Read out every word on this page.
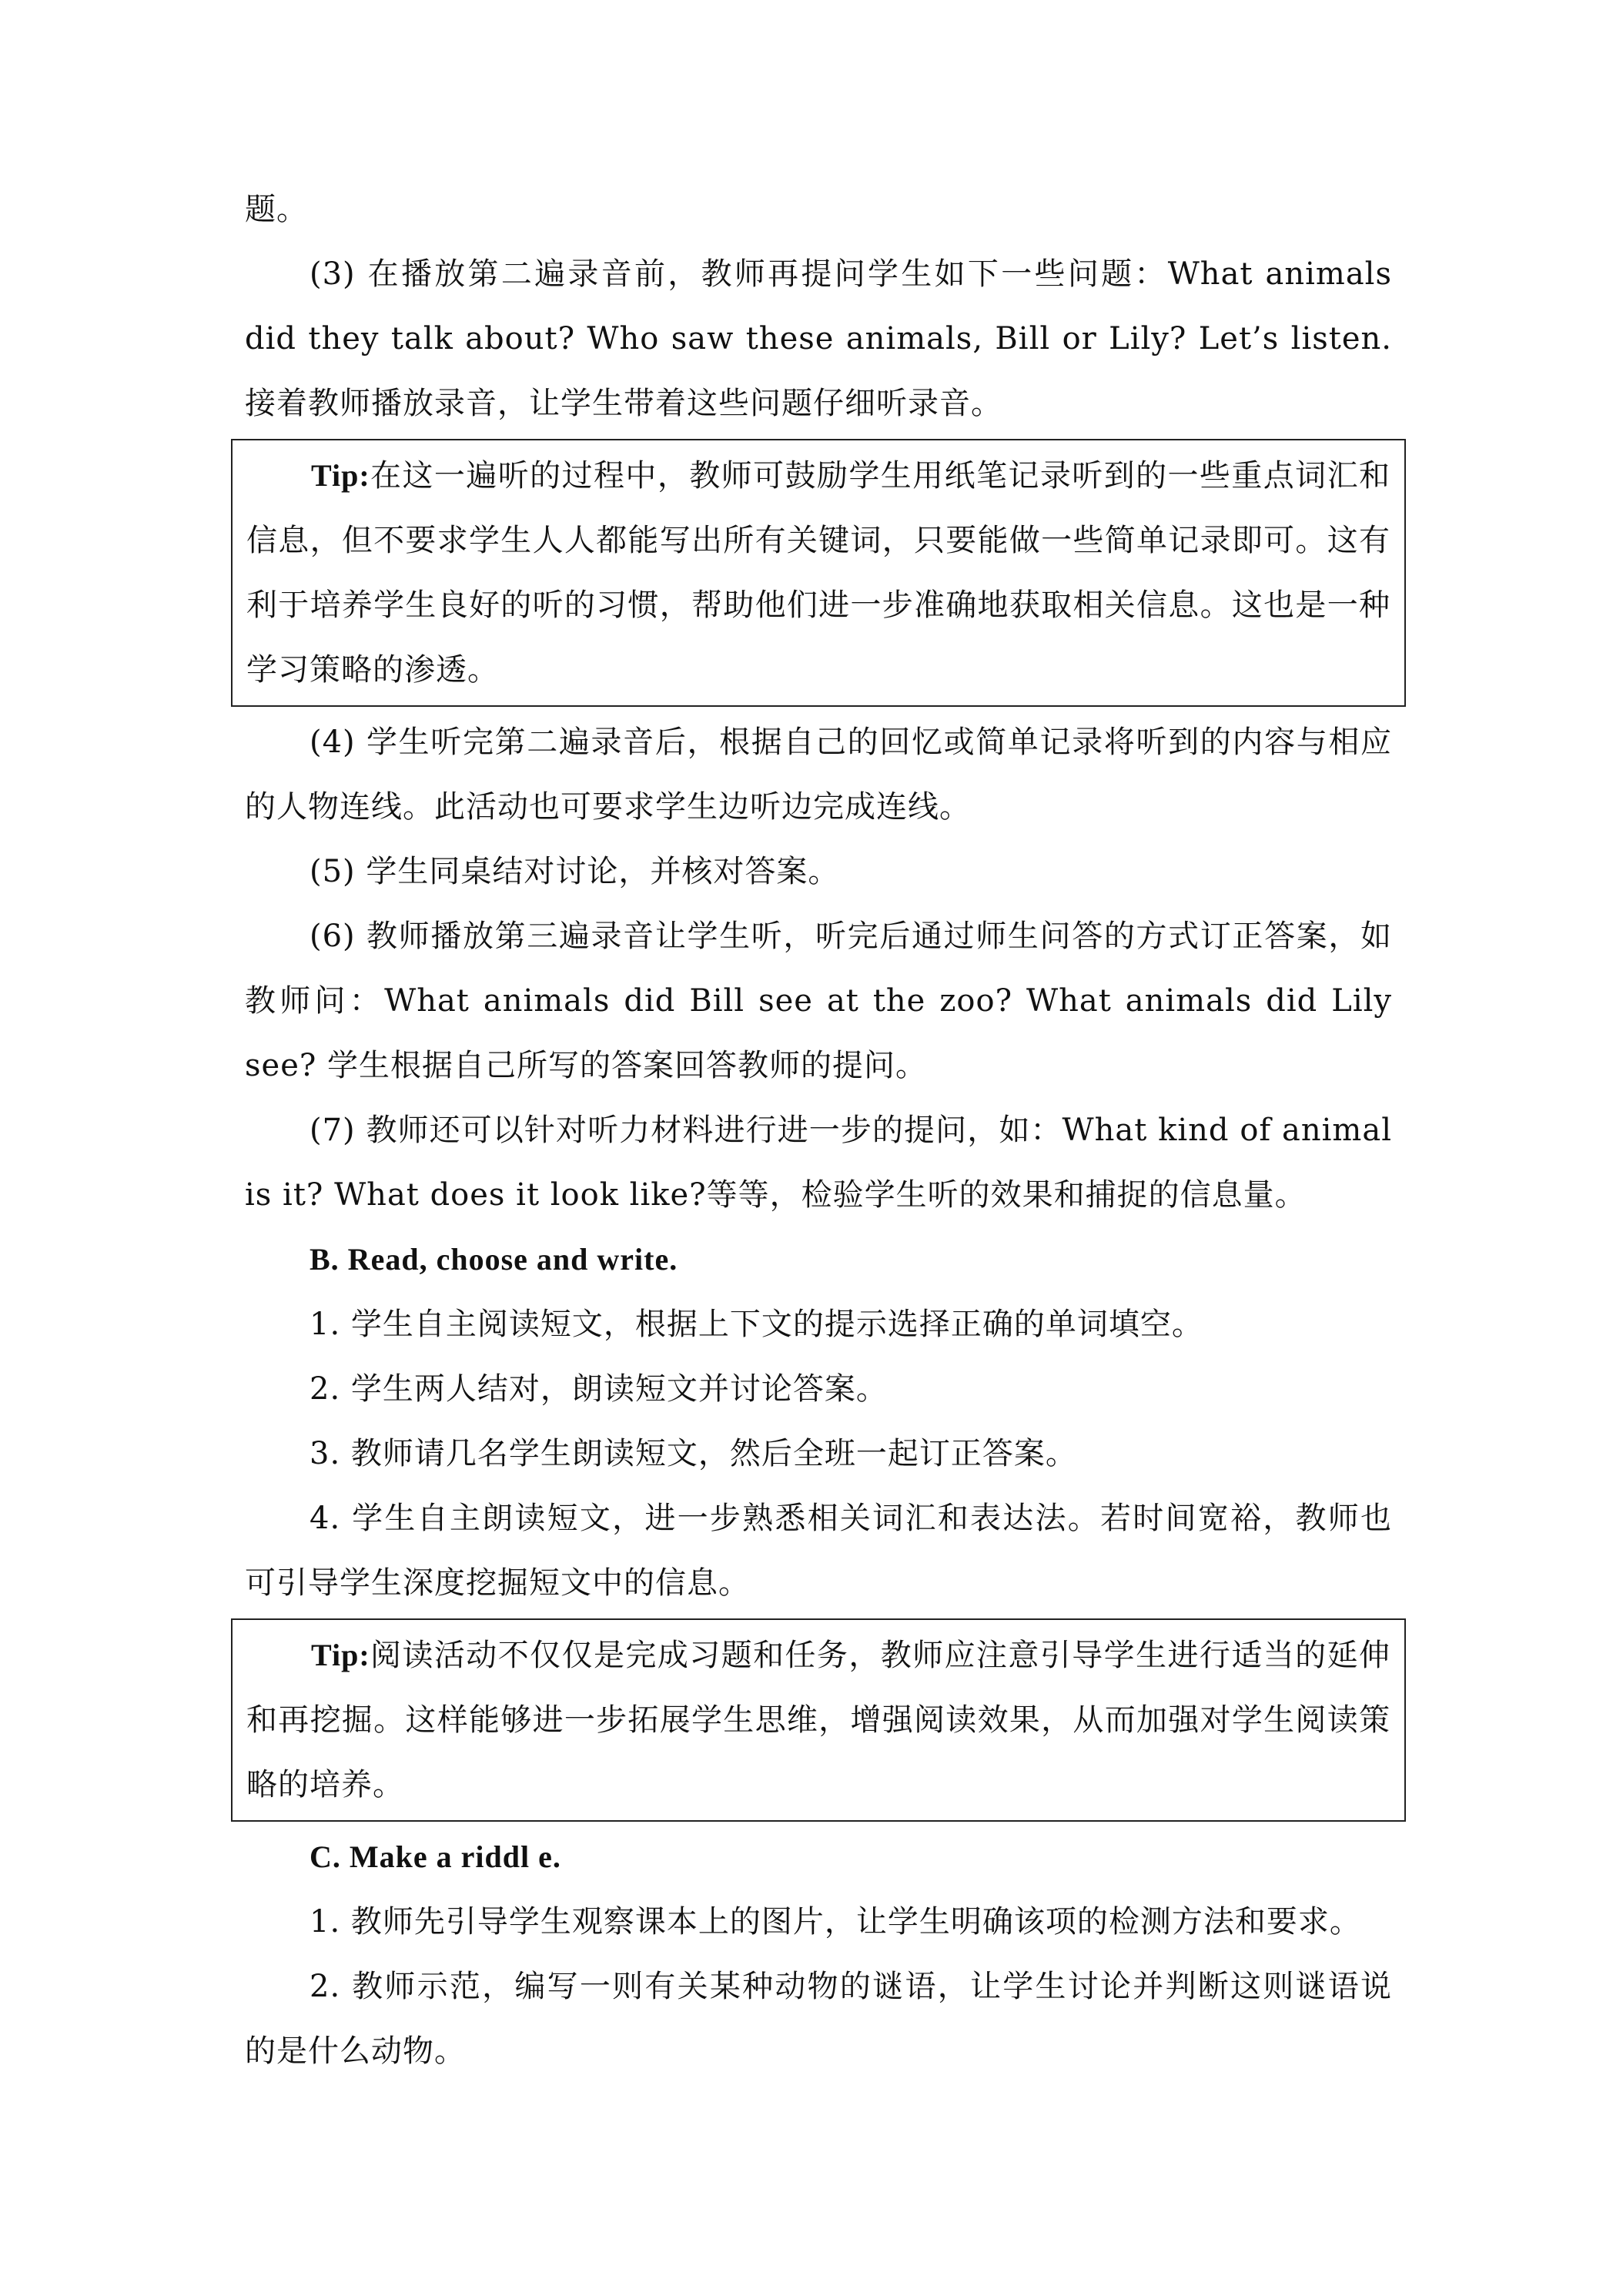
题。

(3) 在播放第二遍录音前，教师再提问学生如下一些问题：What animals did they talk about? Who saw these animals, Bill or Lily? Let’s listen. 接着教师播放录音，让学生带着这些问题仔细听录音。

Tip:在这一遍听的过程中，教师可鼓励学生用纸笔记录听到的一些重点词汇和信息，但不要求学生人人都能写出所有关键词，只要能做一些简单记录即可。这有利于培养学生良好的听的习惯，帮助他们进一步准确地获取相关信息。这也是一种学习策略的渗透。

(4) 学生听完第二遍录音后，根据自己的回忆或简单记录将听到的内容与相应的人物连线。此活动也可要求学生边听边完成连线。

(5) 学生同桌结对讨论，并核对答案。

(6) 教师播放第三遍录音让学生听，听完后通过师生问答的方式订正答案，如教师问：What animals did Bill see at the zoo? What animals did Lily see? 学生根据自己所写的答案回答教师的提问。

(7) 教师还可以针对听力材料进行进一步的提问，如：What kind of animal is it? What does it look like?等等，检验学生听的效果和捕捉的信息量。

B. Read, choose and write.

1. 学生自主阅读短文，根据上下文的提示选择正确的单词填空。

2. 学生两人结对，朗读短文并讨论答案。

3. 教师请几名学生朗读短文，然后全班一起订正答案。

4. 学生自主朗读短文，进一步熟悉相关词汇和表达法。若时间宽裕，教师也可引导学生深度挖掘短文中的信息。

Tip:阅读活动不仅仅是完成习题和任务，教师应注意引导学生进行适当的延伸和再挖掘。这样能够进一步拓展学生思维，增强阅读效果，从而加强对学生阅读策略的培养。

C. Make a riddl e.

1. 教师先引导学生观察课本上的图片，让学生明确该项的检测方法和要求。

2. 教师示范，编写一则有关某种动物的谜语，让学生讨论并判断这则谜语说的是什么动物。
